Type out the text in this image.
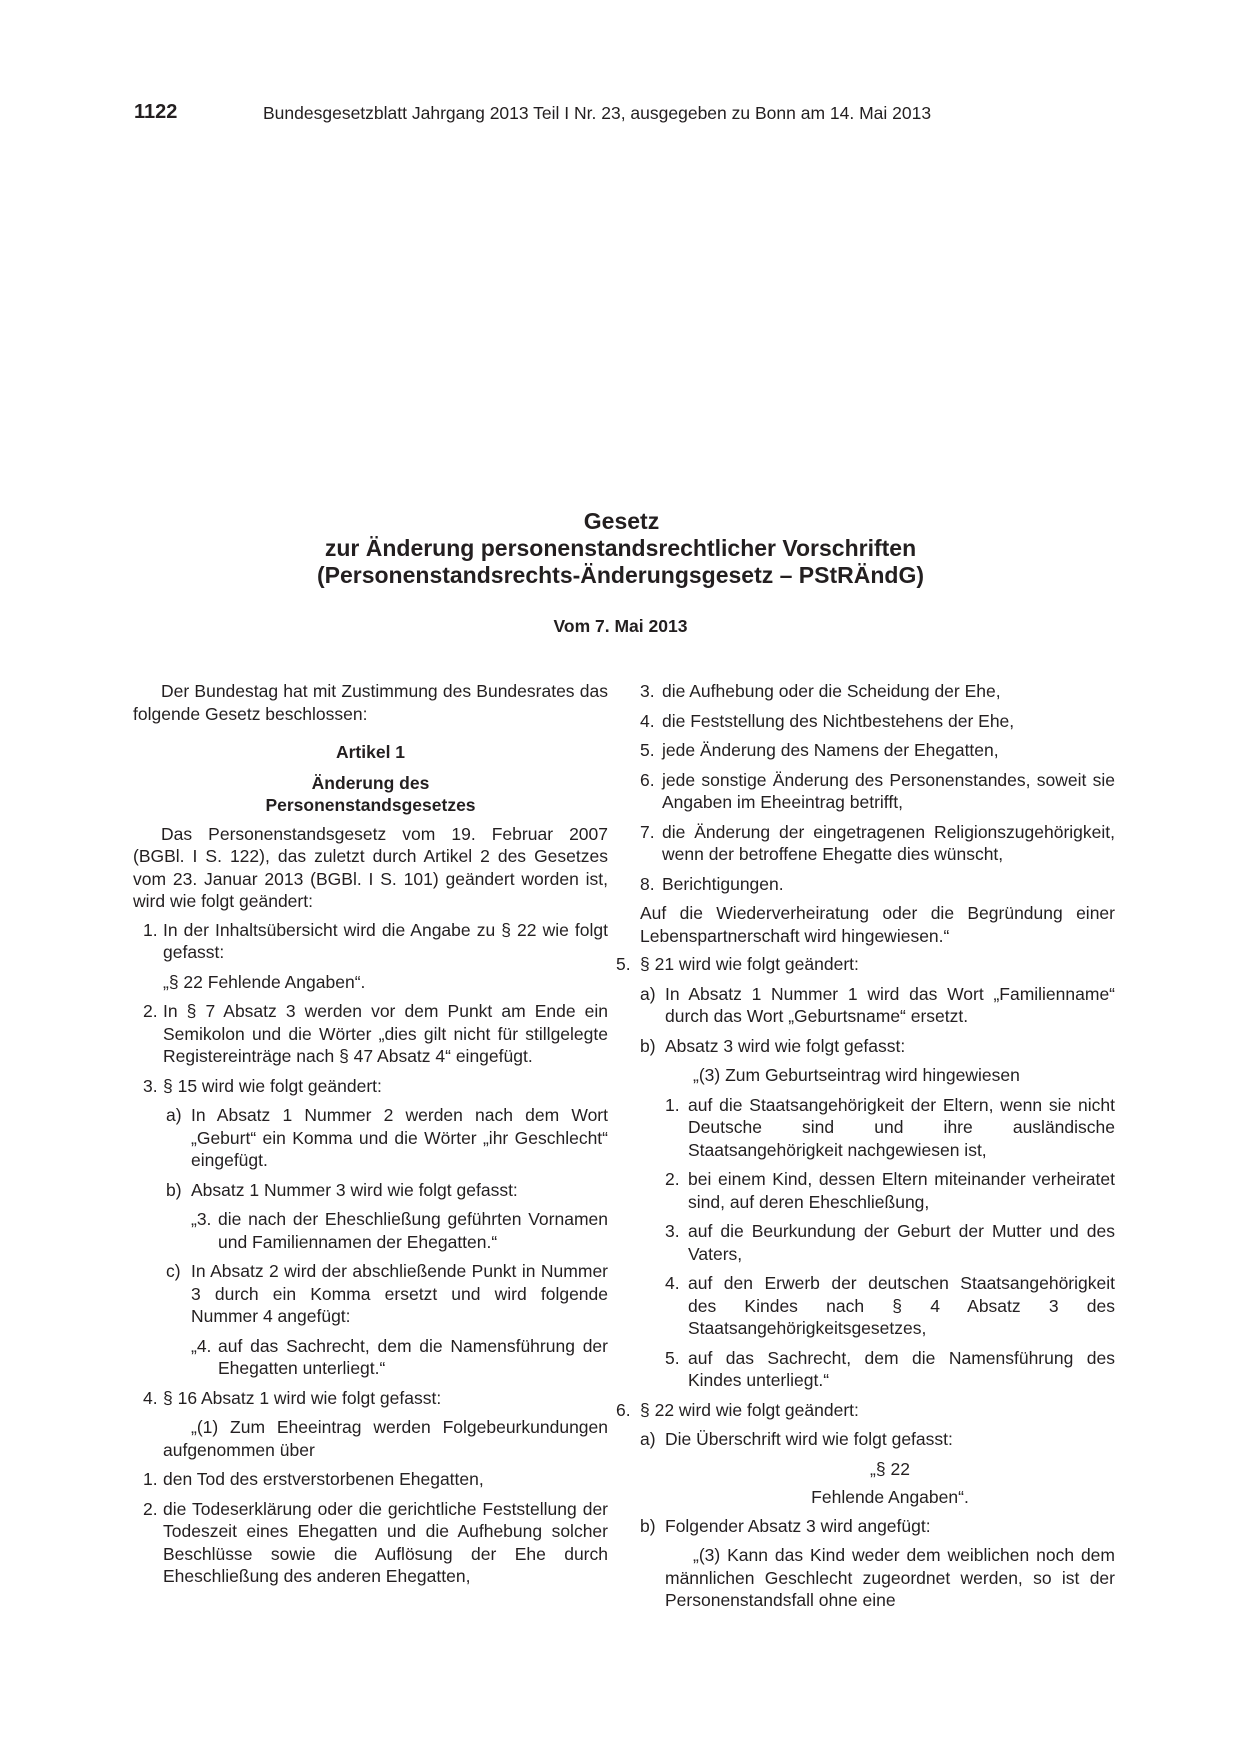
1122	Bundesgesetzblatt Jahrgang 2013 Teil I Nr. 23, ausgegeben zu Bonn am 14. Mai 2013
Gesetz
zur Änderung personenstandsrechtlicher Vorschriften
(Personenstandsrechts-Änderungsgesetz – PStRÄndG)
Vom 7. Mai 2013

Der Bundestag hat mit Zustimmung des Bundesrates das folgende Gesetz beschlossen:

Artikel 1

Änderung des

Personenstandsgesetzes

Das Personenstandsgesetz vom 19. Februar 2007 (BGBl. I S. 122), das zuletzt durch Artikel 2 des Gesetzes vom 23. Januar 2013 (BGBl. I S. 101) geändert worden ist, wird wie folgt geändert:

1. In der Inhaltsübersicht wird die Angabe zu § 22 wie folgt gefasst:

„§ 22 Fehlende Angaben“.

2. In § 7 Absatz 3 werden vor dem Punkt am Ende ein Semikolon und die Wörter „dies gilt nicht für stillgelegte Registereinträge nach § 47 Absatz 4“ eingefügt.
3. § 15 wird wie folgt geändert:
a) In Absatz 1 Nummer 2 werden nach dem Wort „Geburt“ ein Komma und die Wörter „ihr Geschlecht“ eingefügt.
b) Absatz 1 Nummer 3 wird wie folgt gefasst:
„3. die nach der Eheschließung geführten Vornamen und Familiennamen der Ehegatten.“
c) In Absatz 2 wird der abschließende Punkt in Nummer 3 durch ein Komma ersetzt und wird folgende Nummer 4 angefügt:
„4. auf das Sachrecht, dem die Namensführung der Ehegatten unterliegt.“
4. § 16 Absatz 1 wird wie folgt gefasst:

„(1) Zum Eheeintrag werden Folgebeurkundungen aufgenommen über

1. den Tod des erstverstorbenen Ehegatten,
2. die Todeserklärung oder die gerichtliche Feststellung der Todeszeit eines Ehegatten und die Aufhebung solcher Beschlüsse sowie die Auflösung der Ehe durch Eheschließung des anderen Ehegatten,
3. die Aufhebung oder die Scheidung der Ehe,
4. die Feststellung des Nichtbestehens der Ehe,
5. jede Änderung des Namens der Ehegatten,
6. jede sonstige Änderung des Personenstandes, soweit sie Angaben im Eheeintrag betrifft,
7. die Änderung der eingetragenen Religionszugehörigkeit, wenn der betroffene Ehegatte dies wünscht,
8. Berichtigungen.

Auf die Wiederverheiratung oder die Begründung einer Lebenspartnerschaft wird hingewiesen.“

5. § 21 wird wie folgt geändert:
a) In Absatz 1 Nummer 1 wird das Wort „Familienname“ durch das Wort „Geburtsname“ ersetzt.
b) Absatz 3 wird wie folgt gefasst:

„(3) Zum Geburtseintrag wird hingewiesen

1. auf die Staatsangehörigkeit der Eltern, wenn sie nicht Deutsche sind und ihre ausländische Staatsangehörigkeit nachgewiesen ist,
2. bei einem Kind, dessen Eltern miteinander verheiratet sind, auf deren Eheschließung,
3. auf die Beurkundung der Geburt der Mutter und des Vaters,
4. auf den Erwerb der deutschen Staatsangehörigkeit des Kindes nach § 4 Absatz 3 des Staatsangehörigkeitsgesetzes,
5. auf das Sachrecht, dem die Namensführung des Kindes unterliegt.“
6. § 22 wird wie folgt geändert:
a) Die Überschrift wird wie folgt gefasst:

„§ 22

Fehlende Angaben“.

b) Folgender Absatz 3 wird angefügt:

„(3) Kann das Kind weder dem weiblichen noch dem männlichen Geschlecht zugeordnet werden, so ist der Personenstandsfall ohne eine
